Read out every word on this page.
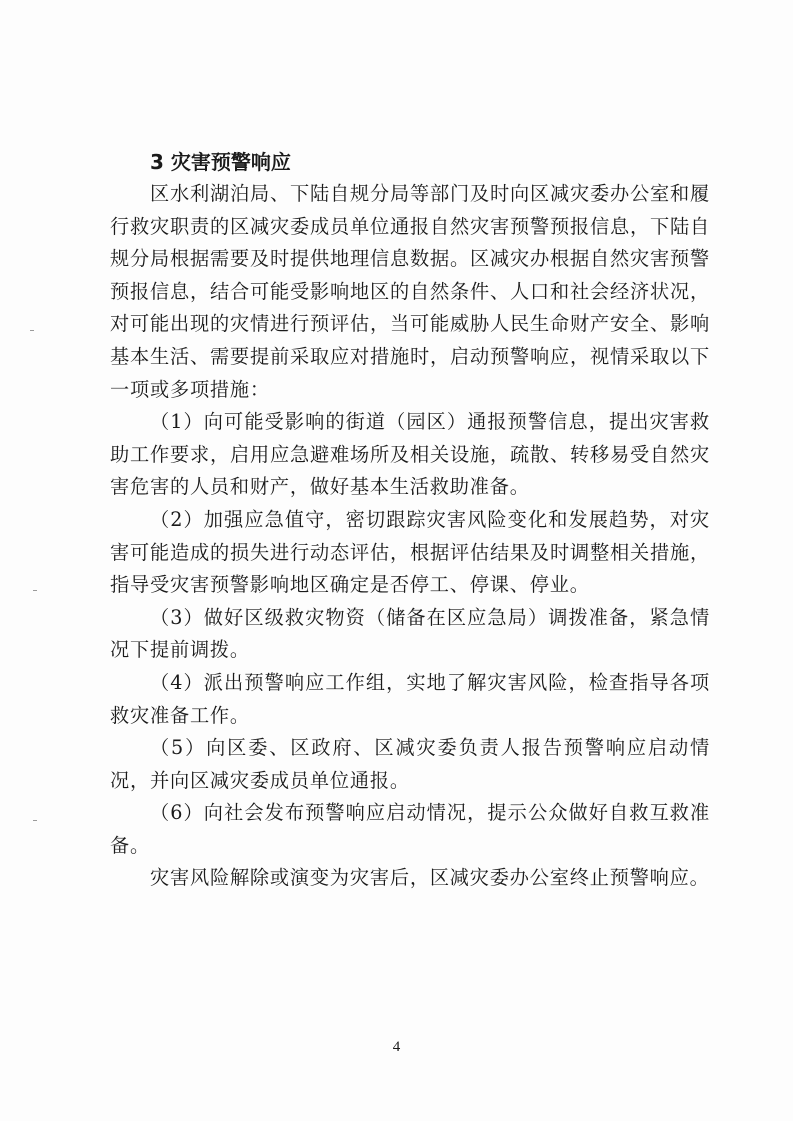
3 灾害预警响应

区水利湖泊局、下陆自规分局等部门及时向区减灾委办公室和履行救灾职责的区减灾委成员单位通报自然灾害预警预报信息，下陆自规分局根据需要及时提供地理信息数据。区减灾办根据自然灾害预警预报信息，结合可能受影响地区的自然条件、人口和社会经济状况，对可能出现的灾情进行预评估，当可能威胁人民生命财产安全、影响基本生活、需要提前采取应对措施时，启动预警响应，视情采取以下一项或多项措施：

（1）向可能受影响的街道（园区）通报预警信息，提出灾害救助工作要求，启用应急避难场所及相关设施，疏散、转移易受自然灾害危害的人员和财产，做好基本生活救助准备。

（2）加强应急值守，密切跟踪灾害风险变化和发展趋势，对灾害可能造成的损失进行动态评估，根据评估结果及时调整相关措施，指导受灾害预警影响地区确定是否停工、停课、停业。

（3）做好区级救灾物资（储备在区应急局）调拨准备，紧急情况下提前调拨。

（4）派出预警响应工作组，实地了解灾害风险，检查指导各项救灾准备工作。

（5）向区委、区政府、区减灾委负责人报告预警响应启动情况，并向区减灾委成员单位通报。

（6）向社会发布预警响应启动情况，提示公众做好自救互救准备。

灾害风险解除或演变为灾害后，区减灾委办公室终止预警响应。

4
